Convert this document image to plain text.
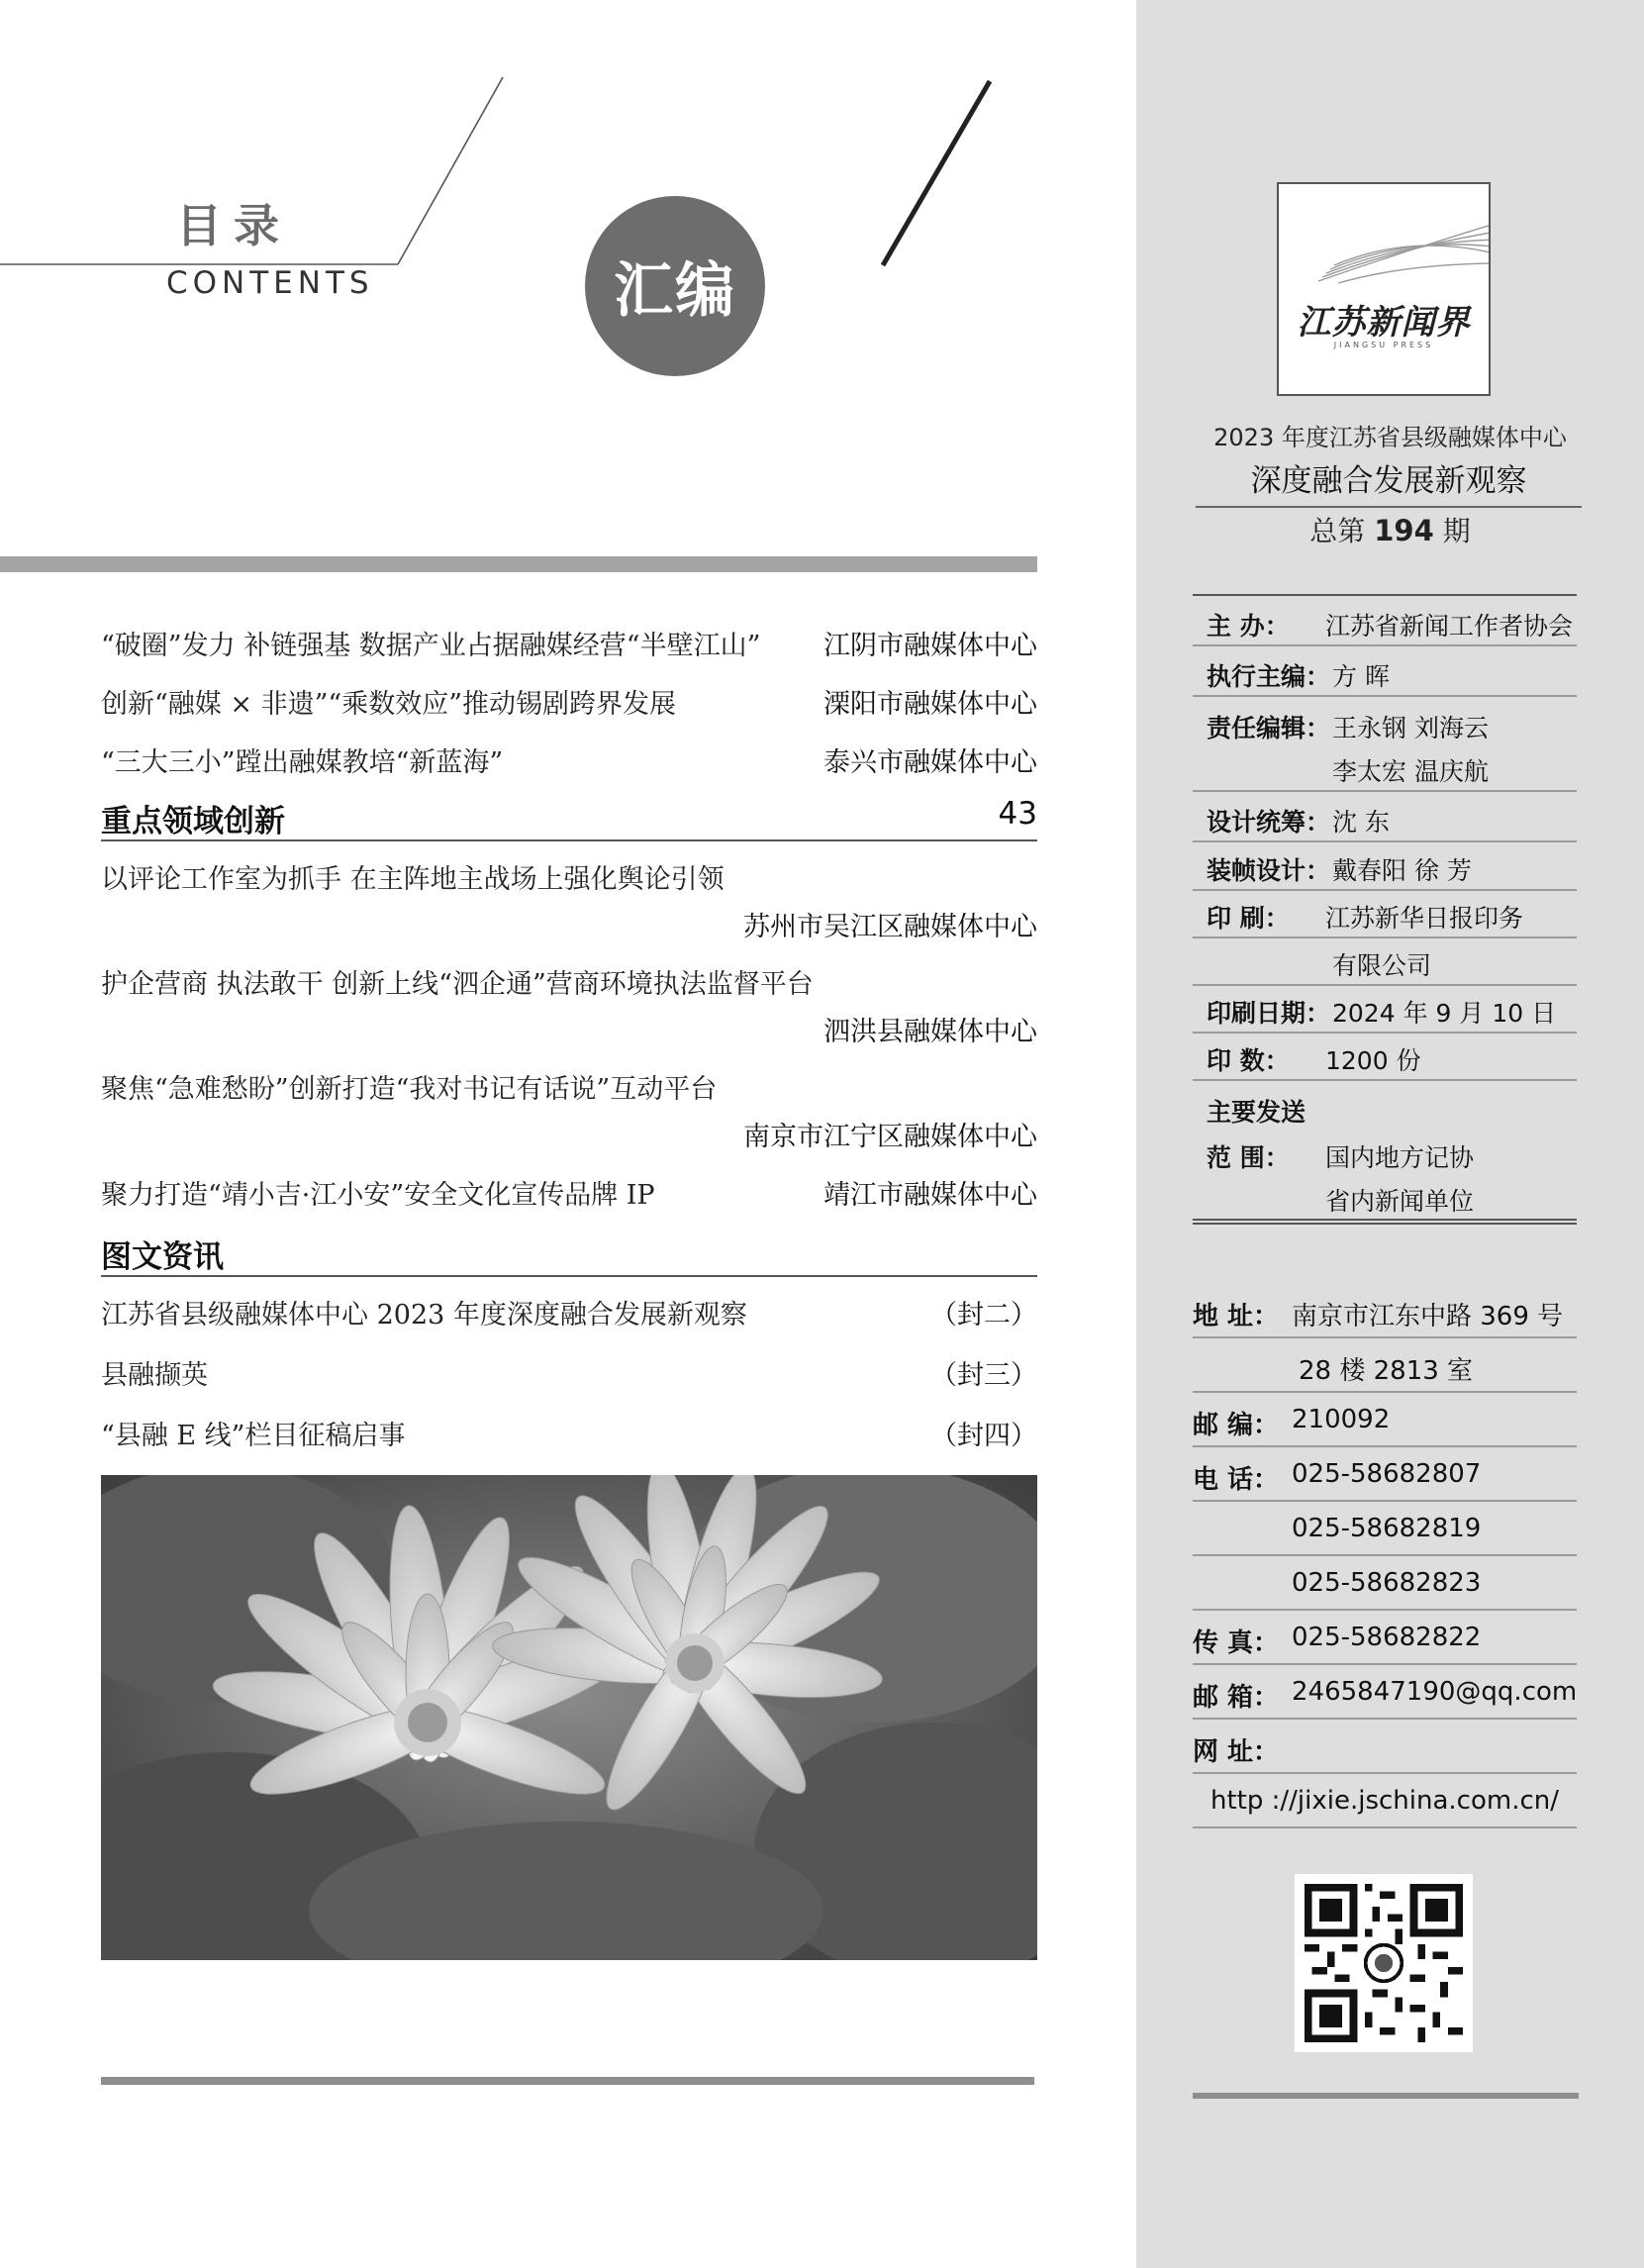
目录
CONTENTS	汇编
“破圈”发力 补链强基 数据产业占据融媒经营“半壁江山” 江阴市融媒体中心
创新“融媒 × 非遗”“乘数效应”推动锡剧跨界发展	溧阳市融媒体中心
“三大三小”蹚出融媒教培“新蓝海”	泰兴市融媒体中心
重点领域创新	43
以评论工作室为抓手 在主阵地主战场上强化舆论引领
苏州市吴江区融媒体中心
护企营商 执法敢干 创新上线“泗企通”营商环境执法监督平台
泗洪县融媒体中心
聚焦“急难愁盼”创新打造“我对书记有话说”互动平台
南京市江宁区融媒体中心
聚力打造“靖小吉·江小安”安全文化宣传品牌 IP	靖江市融媒体中心
图文资讯
江苏省县级融媒体中心 2023 年度深度融合发展新观察	（封二）
县融撷英	（封三）
“县融 E 线”栏目征稿启事	（封四）
江苏新闻界
JIANGSU PRESS
2023 年度江苏省县级融媒体中心
深度融合发展新观察
总第 194 期
主 办： 江苏省新闻工作者协会
执行主编： 方 晖
责任编辑： 王永钢 刘海云
李太宏 温庆航
设计统筹： 沈 东
装帧设计： 戴春阳 徐 芳
印 刷： 江苏新华日报印务
有限公司
印刷日期： 2024 年 9 月 10 日
印 数： 1200 份
主要发送
范 围： 国内地方记协
省内新闻单位
地 址： 南京市江东中路 369 号
28 楼 2813 室
邮 编： 210092
电 话： 025-58682807
025-58682819
025-58682823
传 真： 025-58682822
邮 箱： 2465847190@qq.com
网 址：
http ://jixie.jschina.com.cn/
